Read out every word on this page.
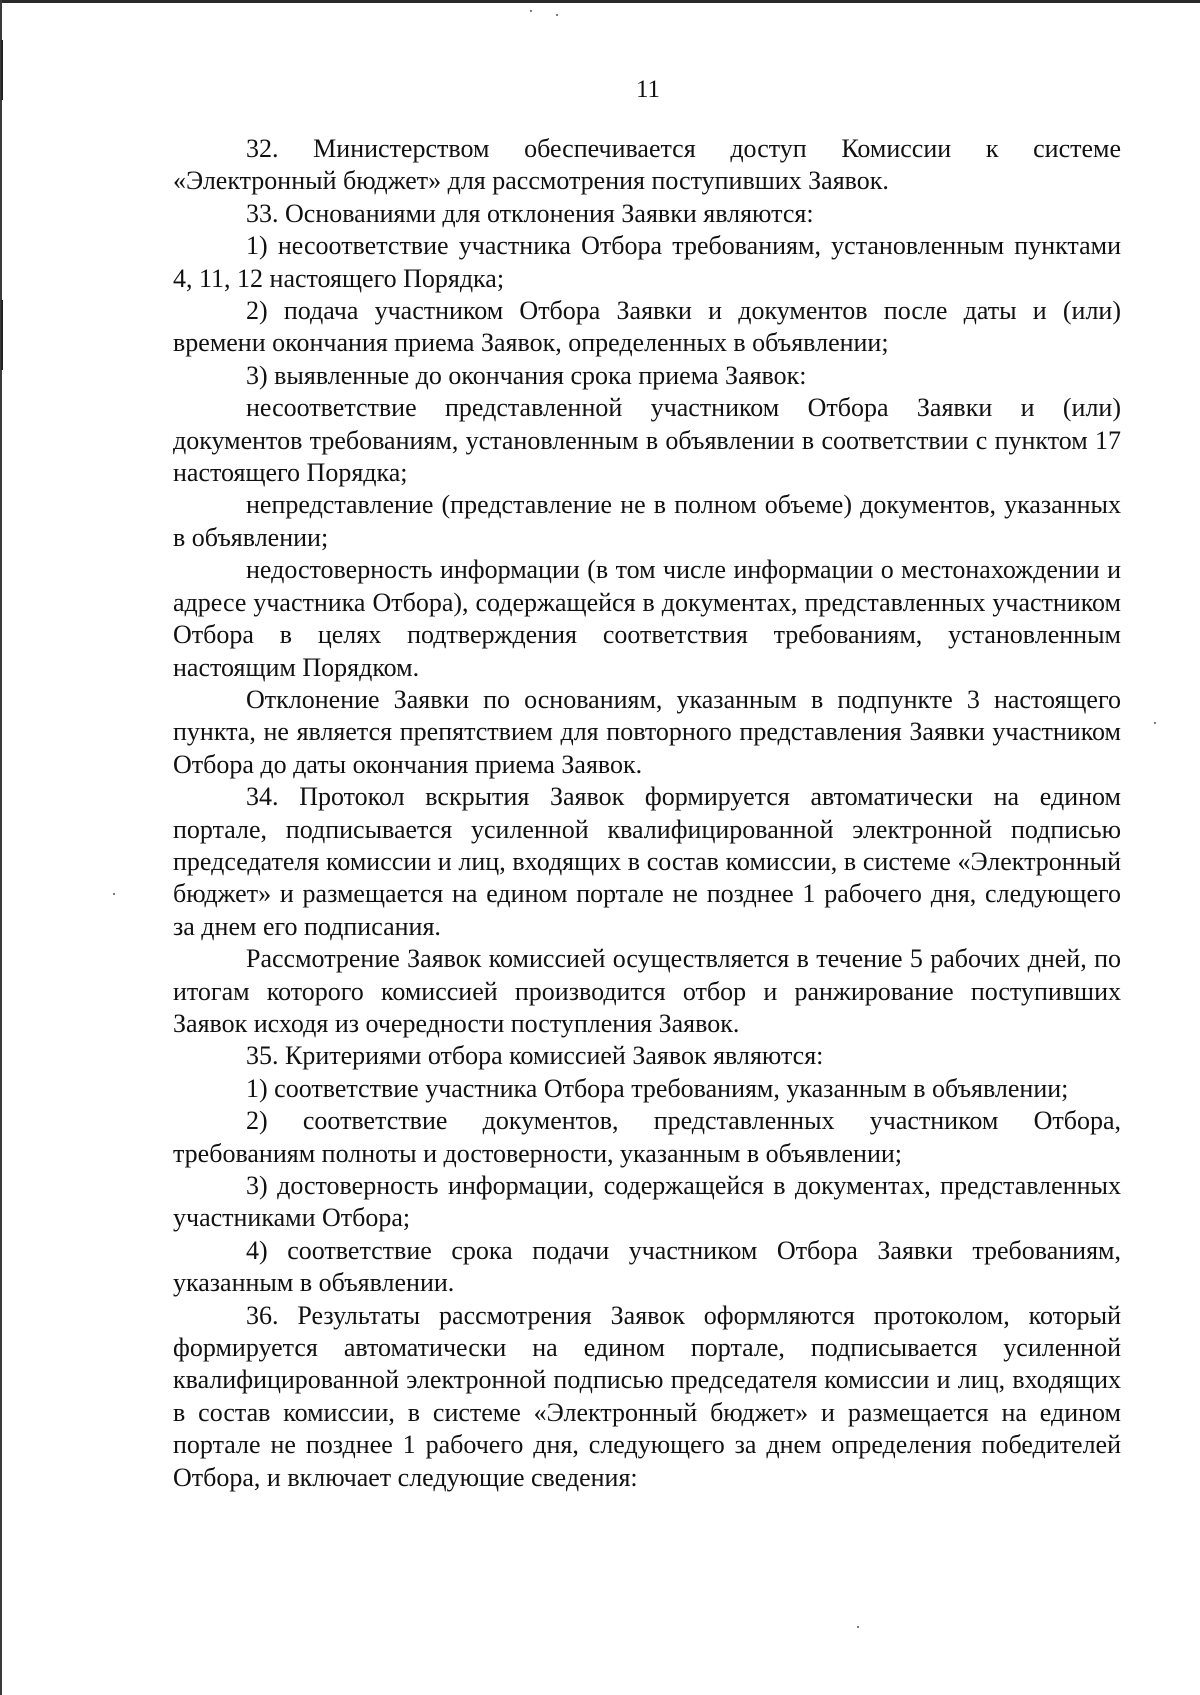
11

32. Министерством обеспечивается доступ Комиссии к системе «Электронный бюджет» для рассмотрения поступивших Заявок.

33. Основаниями для отклонения Заявки являются:

1) несоответствие участника Отбора требованиям, установленным пунктами 4, 11, 12 настоящего Порядка;

2) подача участником Отбора Заявки и документов после даты и (или) времени окончания приема Заявок, определенных в объявлении;

3) выявленные до окончания срока приема Заявок:

несоответствие представленной участником Отбора Заявки и (или) документов требованиям, установленным в объявлении в соответствии с пунктом 17 настоящего Порядка;

непредставление (представление не в полном объеме) документов, указанных в объявлении;

недостоверность информации (в том числе информации о местонахождении и адресе участника Отбора), содержащейся в документах, представленных участником Отбора в целях подтверждения соответствия требованиям, установленным настоящим Порядком.

Отклонение Заявки по основаниям, указанным в подпункте 3 настоящего пункта, не является препятствием для повторного представления Заявки участником Отбора до даты окончания приема Заявок.

34. Протокол вскрытия Заявок формируется автоматически на едином портале, подписывается усиленной квалифицированной электронной подписью председателя комиссии и лиц, входящих в состав комиссии, в системе «Электронный бюджет» и размещается на едином портале не позднее 1 рабочего дня, следующего за днем его подписания.

Рассмотрение Заявок комиссией осуществляется в течение 5 рабочих дней, по итогам которого комиссией производится отбор и ранжирование поступивших Заявок исходя из очередности поступления Заявок.

35. Критериями отбора комиссией Заявок являются:

1) соответствие участника Отбора требованиям, указанным в объявлении;

2) соответствие документов, представленных участником Отбора, требованиям полноты и достоверности, указанным в объявлении;

3) достоверность информации, содержащейся в документах, представленных участниками Отбора;

4) соответствие срока подачи участником Отбора Заявки требованиям, указанным в объявлении.

36. Результаты рассмотрения Заявок оформляются протоколом, который формируется автоматически на едином портале, подписывается усиленной квалифицированной электронной подписью председателя комиссии и лиц, входящих в состав комиссии, в системе «Электронный бюджет» и размещается на едином портале не позднее 1 рабочего дня, следующего за днем определения победителей Отбора, и включает следующие сведения:
